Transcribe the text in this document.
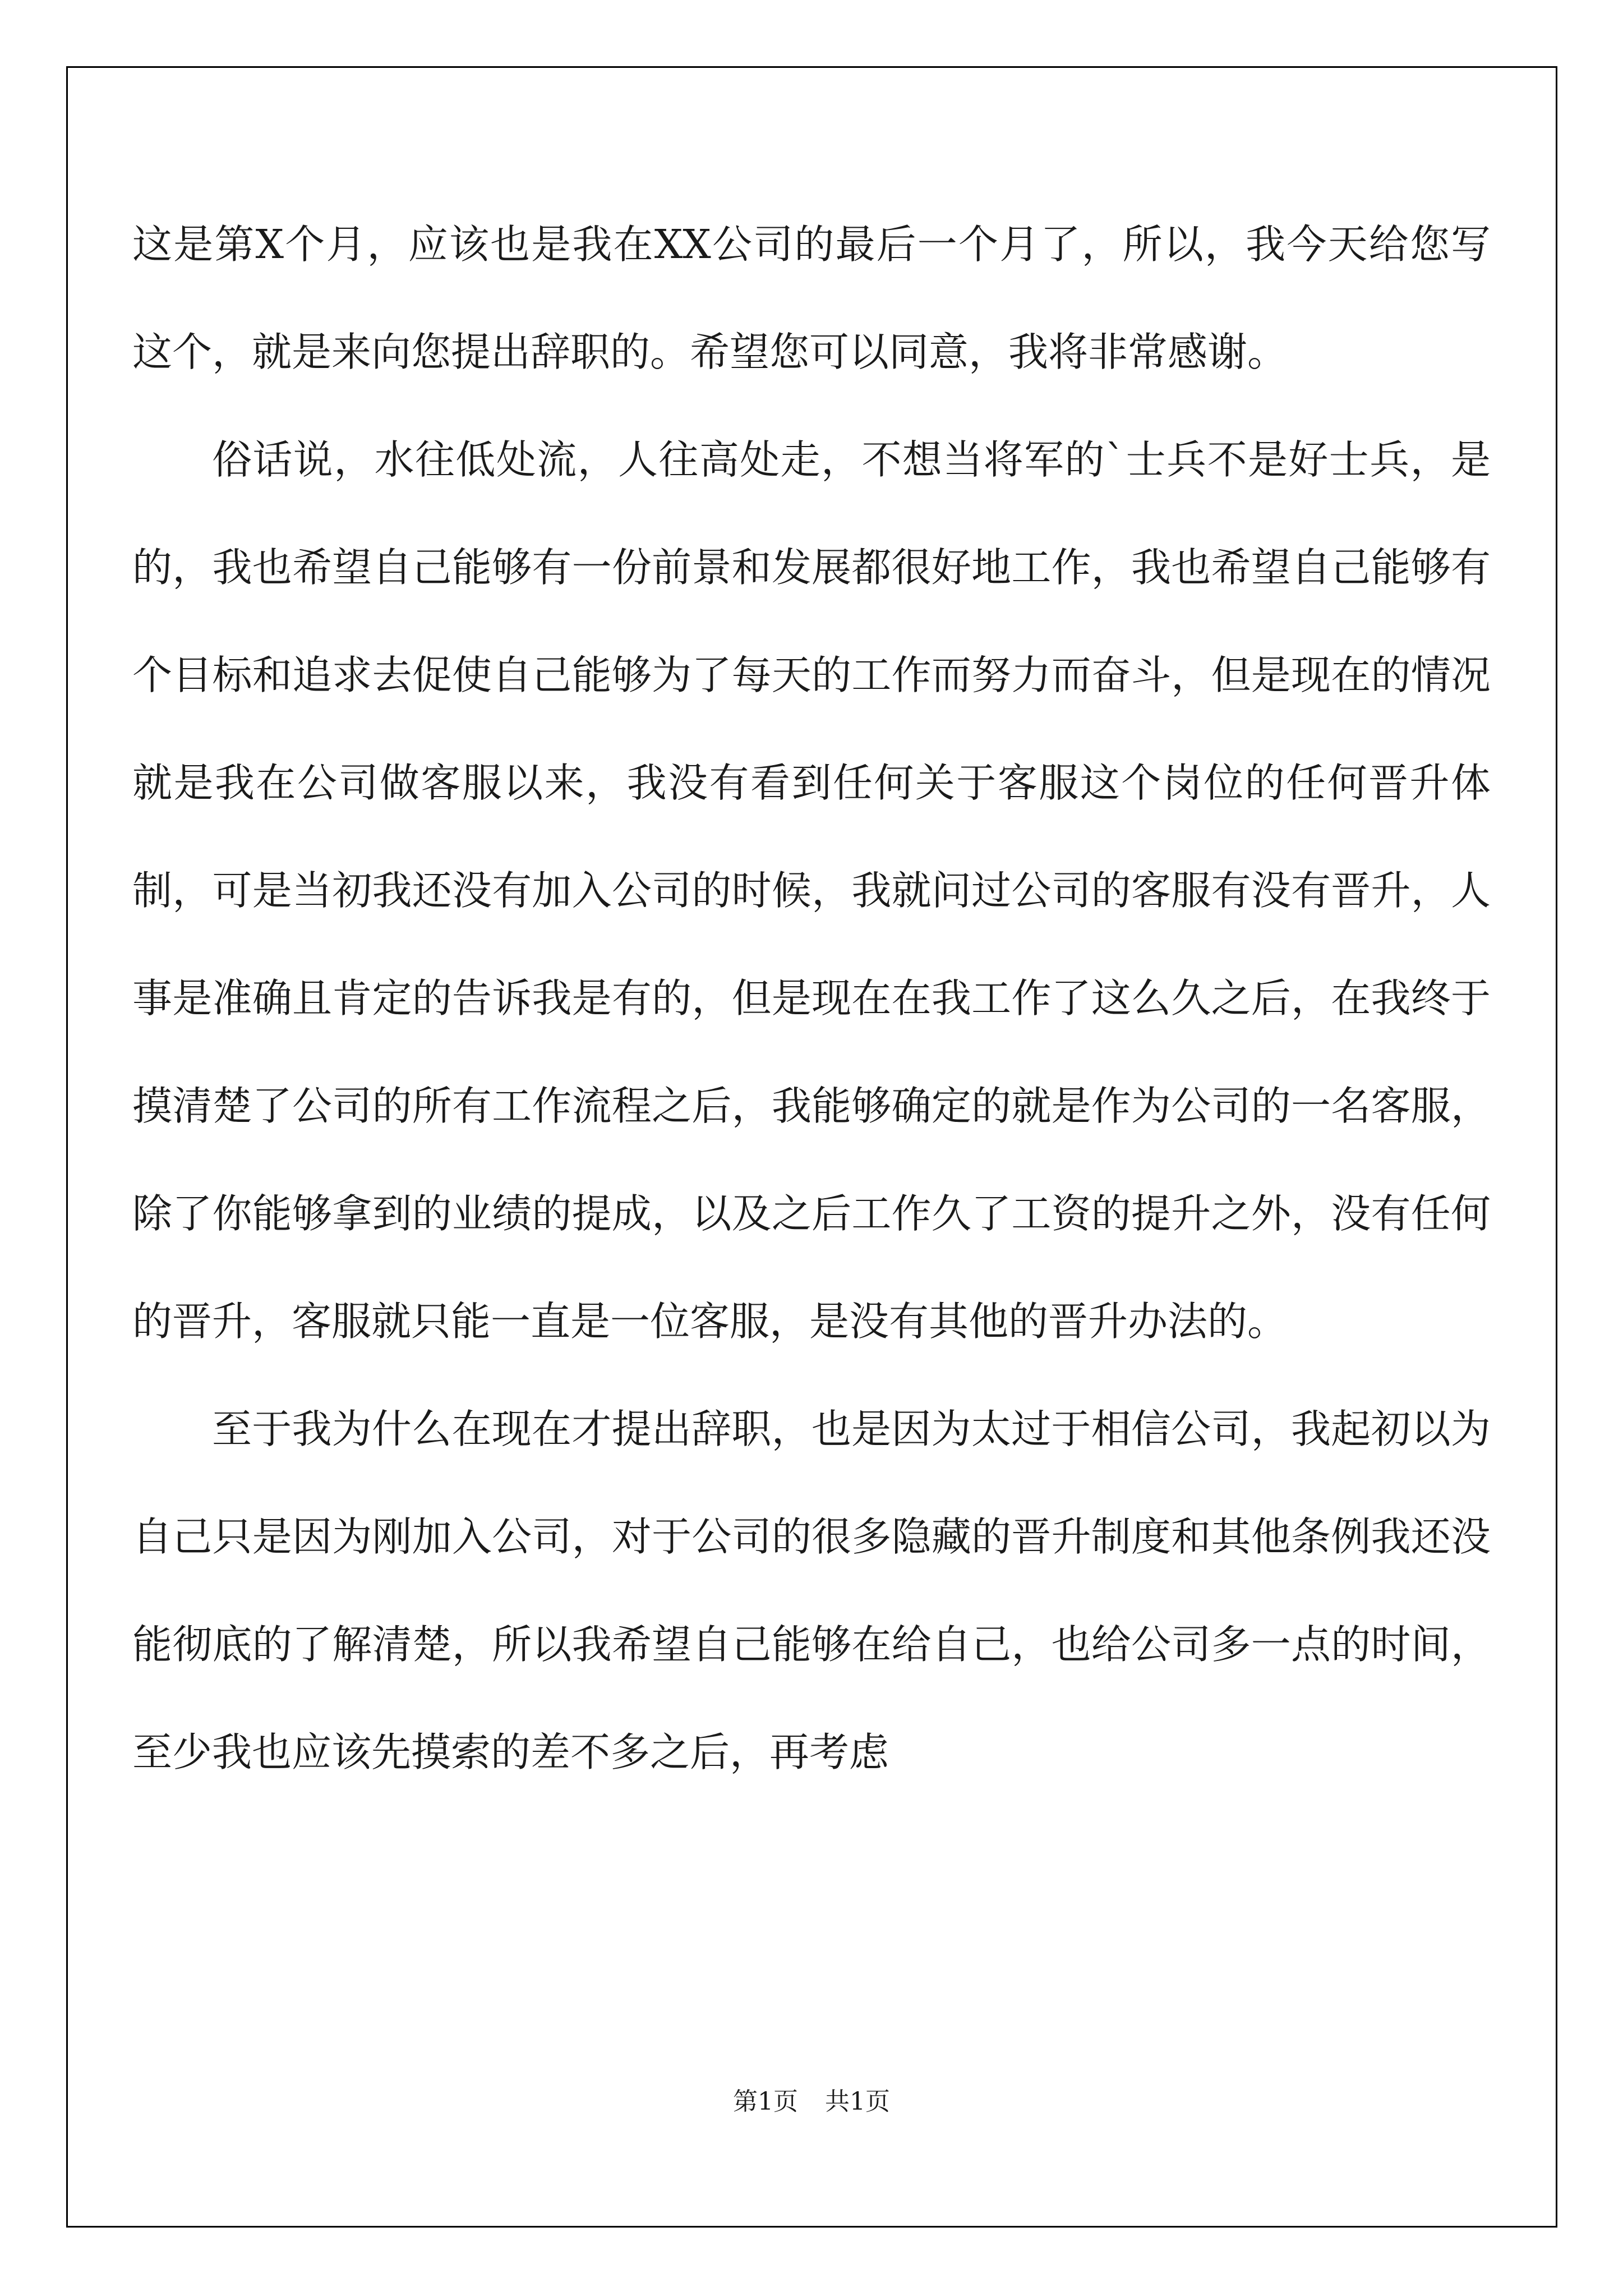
这是第X个月，应该也是我在XX公司的最后一个月了，所以，我今天给您写这个，就是来向您提出辞职的。希望您可以同意，我将非常感谢。

俗话说，水往低处流，人往高处走，不想当将军的`士兵不是好士兵，是的，我也希望自己能够有一份前景和发展都很好地工作，我也希望自己能够有个目标和追求去促使自己能够为了每天的工作而努力而奋斗，但是现在的情况就是我在公司做客服以来，我没有看到任何关于客服这个岗位的任何晋升体制，可是当初我还没有加入公司的时候，我就问过公司的客服有没有晋升，人事是准确且肯定的告诉我是有的，但是现在在我工作了这么久之后，在我终于摸清楚了公司的所有工作流程之后，我能够确定的就是作为公司的一名客服，除了你能够拿到的业绩的提成，以及之后工作久了工资的提升之外，没有任何的晋升，客服就只能一直是一位客服，是没有其他的晋升办法的。

至于我为什么在现在才提出辞职，也是因为太过于相信公司，我起初以为自己只是因为刚加入公司，对于公司的很多隐藏的晋升制度和其他条例我还没能彻底的了解清楚，所以我希望自己能够在给自己，也给公司多一点的时间，至少我也应该先摸索的差不多之后，再考虑

第1页 共1页
